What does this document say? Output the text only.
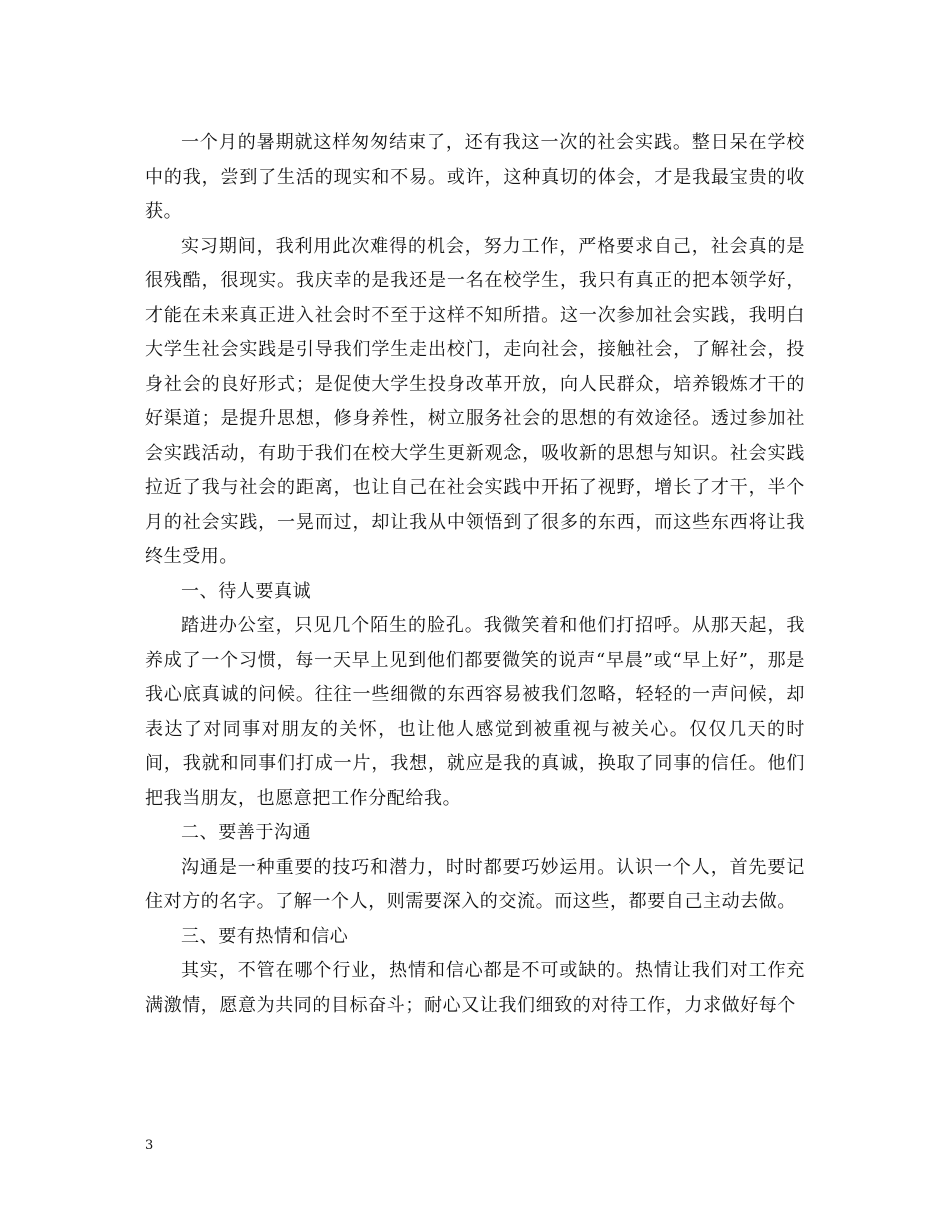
一个月的暑期就这样匆匆结束了，还有我这一次的社会实践。整日呆在学校中的我，尝到了生活的现实和不易。或许，这种真切的体会，才是我最宝贵的收获。

实习期间，我利用此次难得的机会，努力工作，严格要求自己，社会真的是很残酷，很现实。我庆幸的是我还是一名在校学生，我只有真正的把本领学好，才能在未来真正进入社会时不至于这样不知所措。这一次参加社会实践，我明白大学生社会实践是引导我们学生走出校门，走向社会，接触社会，了解社会，投身社会的良好形式；是促使大学生投身改革开放，向人民群众，培养锻炼才干的好渠道；是提升思想，修身养性，树立服务社会的思想的有效途径。透过参加社会实践活动，有助于我们在校大学生更新观念，吸收新的思想与知识。社会实践拉近了我与社会的距离，也让自己在社会实践中开拓了视野，增长了才干，半个月的社会实践，一晃而过，却让我从中领悟到了很多的东西，而这些东西将让我终生受用。

一、待人要真诚

踏进办公室，只见几个陌生的脸孔。我微笑着和他们打招呼。从那天起，我养成了一个习惯，每一天早上见到他们都要微笑的说声“早晨”或“早上好”，那是我心底真诚的问候。往往一些细微的东西容易被我们忽略，轻轻的一声问候，却表达了对同事对朋友的关怀，也让他人感觉到被重视与被关心。仅仅几天的时间，我就和同事们打成一片，我想，就应是我的真诚，换取了同事的信任。他们把我当朋友，也愿意把工作分配给我。

二、要善于沟通

沟通是一种重要的技巧和潜力，时时都要巧妙运用。认识一个人，首先要记住对方的名字。了解一个人，则需要深入的交流。而这些，都要自己主动去做。

三、要有热情和信心

其实，不管在哪个行业，热情和信心都是不可或缺的。热情让我们对工作充满激情，愿意为共同的目标奋斗；耐心又让我们细致的对待工作，力求做好每个

3
